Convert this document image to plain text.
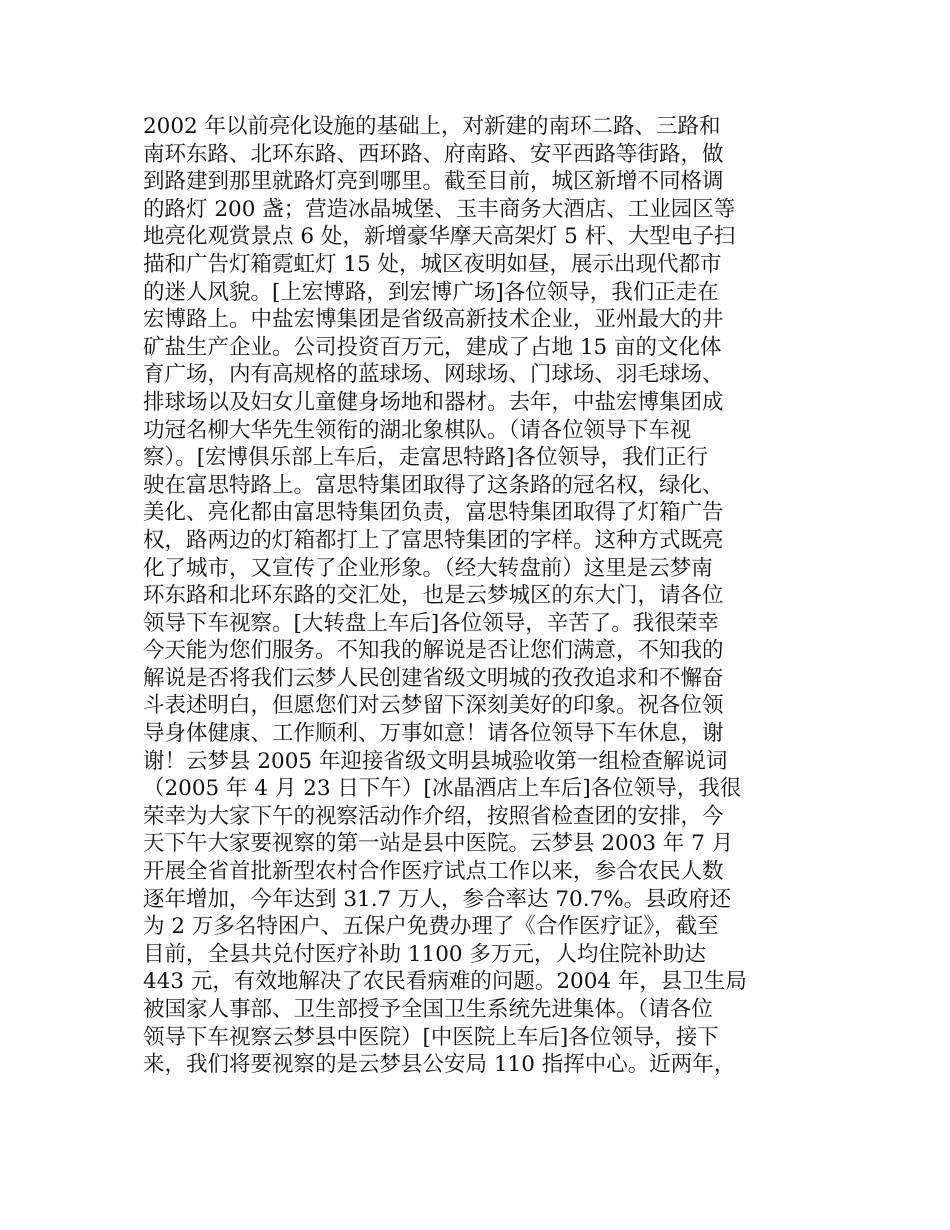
2002 年以前亮化设施的基础上，对新建的南环二路、三路和
南环东路、北环东路、西环路、府南路、安平西路等街路，做
到路建到那里就路灯亮到哪里。截至目前，城区新增不同格调
的路灯 200 盏；营造冰晶城堡、玉丰商务大酒店、工业园区等
地亮化观赏景点 6 处，新增豪华摩天高架灯 5 杆、大型电子扫
描和广告灯箱霓虹灯 15 处，城区夜明如昼，展示出现代都市
的迷人风貌。[上宏博路，到宏博广场]各位领导，我们正走在
宏博路上。中盐宏博集团是省级高新技术企业，亚州最大的井
矿盐生产企业。公司投资百万元，建成了占地 15 亩的文化体
育广场，内有高规格的蓝球场、网球场、门球场、羽毛球场、
排球场以及妇女儿童健身场地和器材。去年，中盐宏博集团成
功冠名柳大华先生领衔的湖北象棋队。（请各位领导下车视
察）。[宏博俱乐部上车后，走富思特路]各位领导，我们正行
驶在富思特路上。富思特集团取得了这条路的冠名权，绿化、
美化、亮化都由富思特集团负责，富思特集团取得了灯箱广告
权，路两边的灯箱都打上了富思特集团的字样。这种方式既亮
化了城市，又宣传了企业形象。（经大转盘前）这里是云梦南
环东路和北环东路的交汇处，也是云梦城区的东大门，请各位
领导下车视察。[大转盘上车后]各位领导，辛苦了。我很荣幸
今天能为您们服务。不知我的解说是否让您们满意，不知我的
解说是否将我们云梦人民创建省级文明城的孜孜追求和不懈奋
斗表述明白，但愿您们对云梦留下深刻美好的印象。祝各位领
导身体健康、工作顺利、万事如意！请各位领导下车休息，谢
谢！云梦县 2005 年迎接省级文明县城验收第一组检查解说词
（2005 年 4 月 23 日下午）[冰晶酒店上车后]各位领导，我很
荣幸为大家下午的视察活动作介绍，按照省检查团的安排，今
天下午大家要视察的第一站是县中医院。云梦县 2003 年 7 月
开展全省首批新型农村合作医疗试点工作以来，参合农民人数
逐年增加，今年达到 31.7 万人，参合率达 70.7%。县政府还
为 2 万多名特困户、五保户免费办理了《合作医疗证》，截至
目前，全县共兑付医疗补助 1100 多万元，人均住院补助达
443 元，有效地解决了农民看病难的问题。2004 年，县卫生局
被国家人事部、卫生部授予全国卫生系统先进集体。（请各位
领导下车视察云梦县中医院）[中医院上车后]各位领导，接下
来，我们将要视察的是云梦县公安局 110 指挥中心。近两年，
